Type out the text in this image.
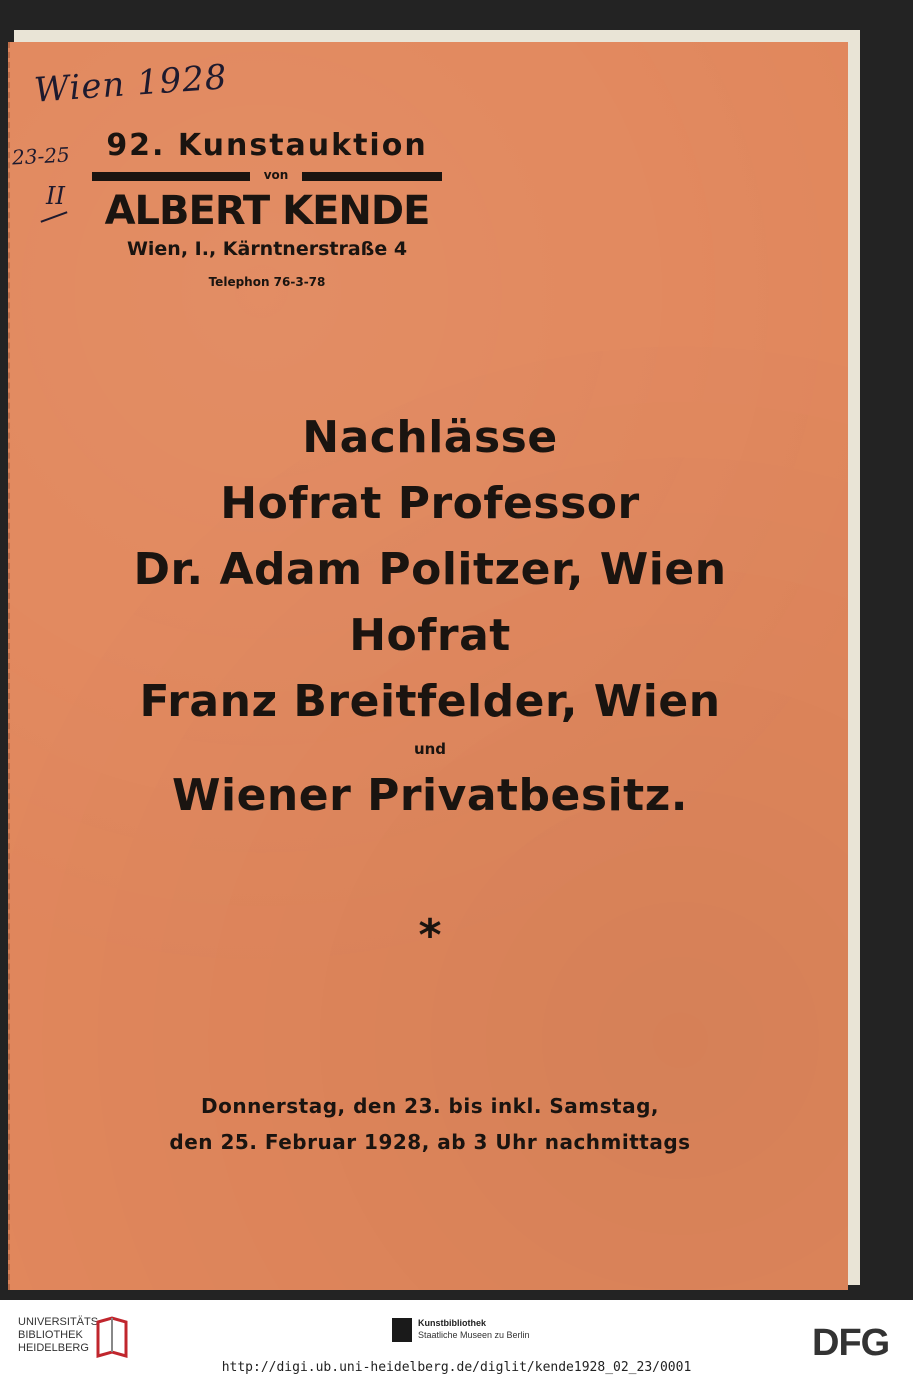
Wien 1928
23-25
II
92. Kunstauktion
von
ALBERT KENDE
Wien, I., Kärntnerstraße 4
Telephon 76-3-78
Nachlässe
Hofrat Professor
Dr. Adam Politzer, Wien
Hofrat
Franz Breitfelder, Wien
und
Wiener Privatbesitz.
*
Donnerstag, den 23. bis inkl. Samstag,
den 25. Februar 1928, ab 3 Uhr nachmittags
UNIVERSITÄTS-
BIBLIOTHEK
HEIDELBERG
Kunstbibliothek
Staatliche Museen zu Berlin	DFG
http://digi.ub.uni-heidelberg.de/diglit/kende1928_02_23/0001
